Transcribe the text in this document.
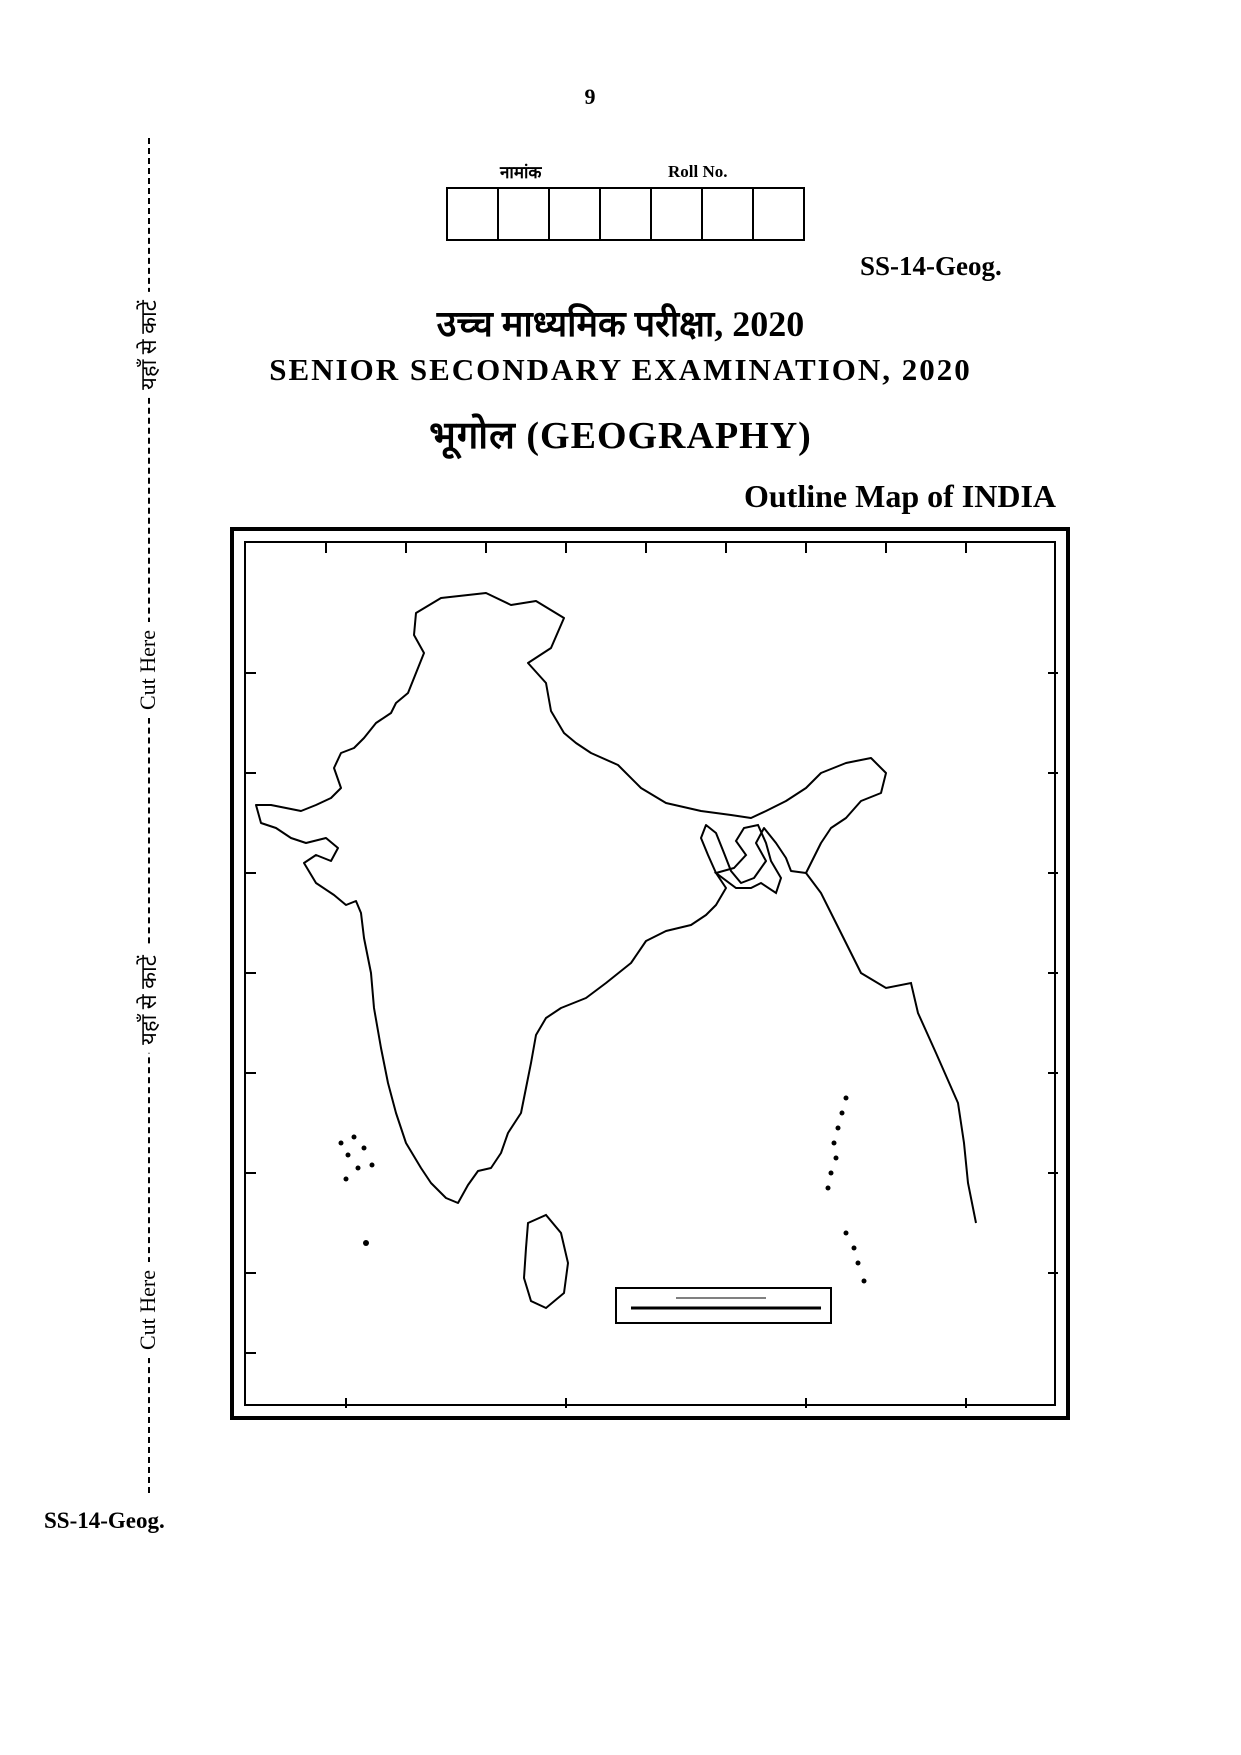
9
यहाँ से काटें
Cut Here
यहाँ से काटें
Cut Here
नामांक	Roll No.
SS-14-Geog.
उच्च माध्यमिक परीक्षा, 2020
SENIOR SECONDARY EXAMINATION, 2020
भूगोल (GEOGRAPHY)
Outline Map of INDIA
SS-14-Geog.
